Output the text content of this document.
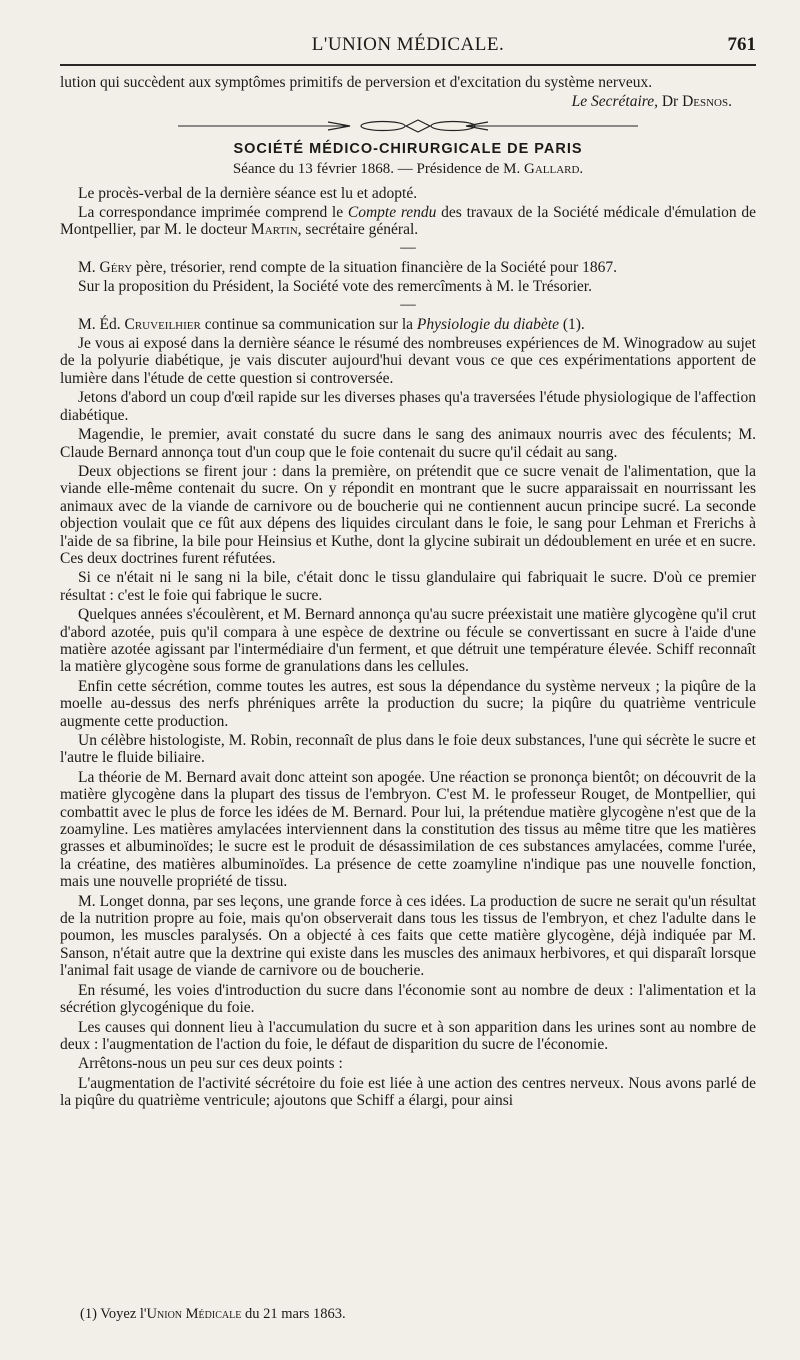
L'UNION MÉDICALE.	761

lution qui succèdent aux symptômes primitifs de perversion et d'excitation du système nerveux.

Le Secrétaire, Dr Desnos.

SOCIÉTÉ MÉDICO-CHIRURGICALE DE PARIS
Séance du 13 février 1868. — Présidence de M. Gallard.

Le procès-verbal de la dernière séance est lu et adopté.

La correspondance imprimée comprend le Compte rendu des travaux de la Société médicale d'émulation de Montpellier, par M. le docteur Martin, secrétaire général.

—

M. Géry père, trésorier, rend compte de la situation financière de la Société pour 1867.

Sur la proposition du Président, la Société vote des remercîments à M. le Trésorier.

—

M. Éd. Cruveilhier continue sa communication sur la Physiologie du diabète (1).

Je vous ai exposé dans la dernière séance le résumé des nombreuses expériences de M. Winogradow au sujet de la polyurie diabétique, je vais discuter aujourd'hui devant vous ce que ces expérimentations apportent de lumière dans l'étude de cette question si controversée.

Jetons d'abord un coup d'œil rapide sur les diverses phases qu'a traversées l'étude physiologique de l'affection diabétique.

Magendie, le premier, avait constaté du sucre dans le sang des animaux nourris avec des féculents; M. Claude Bernard annonça tout d'un coup que le foie contenait du sucre qu'il cédait au sang.

Deux objections se firent jour : dans la première, on prétendit que ce sucre venait de l'alimentation, que la viande elle-même contenait du sucre. On y répondit en montrant que le sucre apparaissait en nourrissant les animaux avec de la viande de carnivore ou de boucherie qui ne contiennent aucun principe sucré. La seconde objection voulait que ce fût aux dépens des liquides circulant dans le foie, le sang pour Lehman et Frerichs à l'aide de sa fibrine, la bile pour Heinsius et Kuthe, dont la glycine subirait un dédoublement en urée et en sucre. Ces deux doctrines furent réfutées.

Si ce n'était ni le sang ni la bile, c'était donc le tissu glandulaire qui fabriquait le sucre. D'où ce premier résultat : c'est le foie qui fabrique le sucre.

Quelques années s'écoulèrent, et M. Bernard annonça qu'au sucre préexistait une matière glycogène qu'il crut d'abord azotée, puis qu'il compara à une espèce de dextrine ou fécule se convertissant en sucre à l'aide d'une matière azotée agissant par l'intermédiaire d'un ferment, et que détruit une température élevée. Schiff reconnaît la matière glycogène sous forme de granulations dans les cellules.

Enfin cette sécrétion, comme toutes les autres, est sous la dépendance du système nerveux ; la piqûre de la moelle au-dessus des nerfs phréniques arrête la production du sucre; la piqûre du quatrième ventricule augmente cette production.

Un célèbre histologiste, M. Robin, reconnaît de plus dans le foie deux substances, l'une qui sécrète le sucre et l'autre le fluide biliaire.

La théorie de M. Bernard avait donc atteint son apogée. Une réaction se prononça bientôt; on découvrit de la matière glycogène dans la plupart des tissus de l'embryon. C'est M. le professeur Rouget, de Montpellier, qui combattit avec le plus de force les idées de M. Bernard. Pour lui, la prétendue matière glycogène n'est que de la zoamyline. Les matières amylacées interviennent dans la constitution des tissus au même titre que les matières grasses et albuminoïdes; le sucre est le produit de désassimilation de ces substances amylacées, comme l'urée, la créatine, des matières albuminoïdes. La présence de cette zoamyline n'indique pas une nouvelle fonction, mais une nouvelle propriété de tissu.

M. Longet donna, par ses leçons, une grande force à ces idées. La production de sucre ne serait qu'un résultat de la nutrition propre au foie, mais qu'on observerait dans tous les tissus de l'embryon, et chez l'adulte dans le poumon, les muscles paralysés. On a objecté à ces faits que cette matière glycogène, déjà indiquée par M. Sanson, n'était autre que la dextrine qui existe dans les muscles des animaux herbivores, et qui disparaît lorsque l'animal fait usage de viande de carnivore ou de boucherie.

En résumé, les voies d'introduction du sucre dans l'économie sont au nombre de deux : l'alimentation et la sécrétion glycogénique du foie.

Les causes qui donnent lieu à l'accumulation du sucre et à son apparition dans les urines sont au nombre de deux : l'augmentation de l'action du foie, le défaut de disparition du sucre de l'économie.

Arrêtons-nous un peu sur ces deux points :

L'augmentation de l'activité sécrétoire du foie est liée à une action des centres nerveux. Nous avons parlé de la piqûre du quatrième ventricule; ajoutons que Schiff a élargi, pour ainsi

(1) Voyez l'Union Médicale du 21 mars 1863.
